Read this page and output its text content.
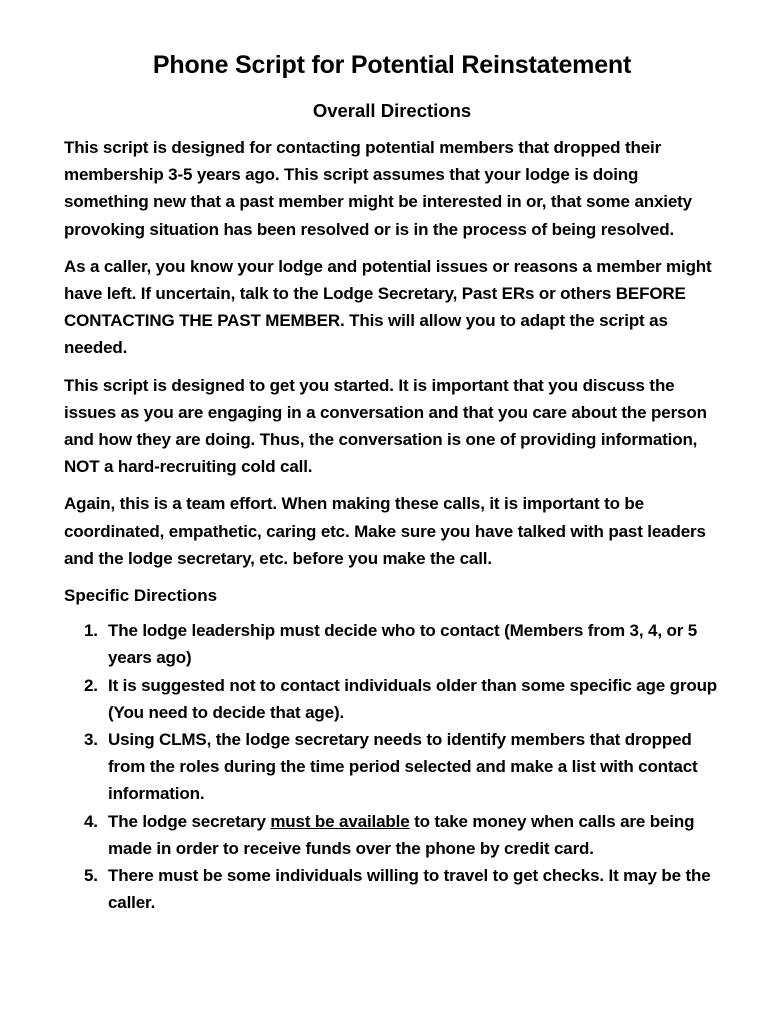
Phone Script for Potential Reinstatement
Overall Directions

This script is designed for contacting potential members that dropped their membership 3-5 years ago. This script assumes that your lodge is doing something new that a past member might be interested in or, that some anxiety provoking situation has been resolved or is in the process of being resolved.

As a caller, you know your lodge and potential issues or reasons a member might have left. If uncertain, talk to the Lodge Secretary, Past ERs or others BEFORE CONTACTING THE PAST MEMBER. This will allow you to adapt the script as needed.

This script is designed to get you started. It is important that you discuss the issues as you are engaging in a conversation and that you care about the person and how they are doing. Thus, the conversation is one of providing information, NOT a hard-recruiting cold call.

Again, this is a team effort. When making these calls, it is important to be coordinated, empathetic, caring etc. Make sure you have talked with past leaders and the lodge secretary, etc. before you make the call.

Specific Directions
1. The lodge leadership must decide who to contact (Members from 3, 4, or 5 years ago)
2. It is suggested not to contact individuals older than some specific age group (You need to decide that age).
3. Using CLMS, the lodge secretary needs to identify members that dropped from the roles during the time period selected and make a list with contact information.
4. The lodge secretary must be available to take money when calls are being made in order to receive funds over the phone by credit card.
5. There must be some individuals willing to travel to get checks. It may be the caller.
